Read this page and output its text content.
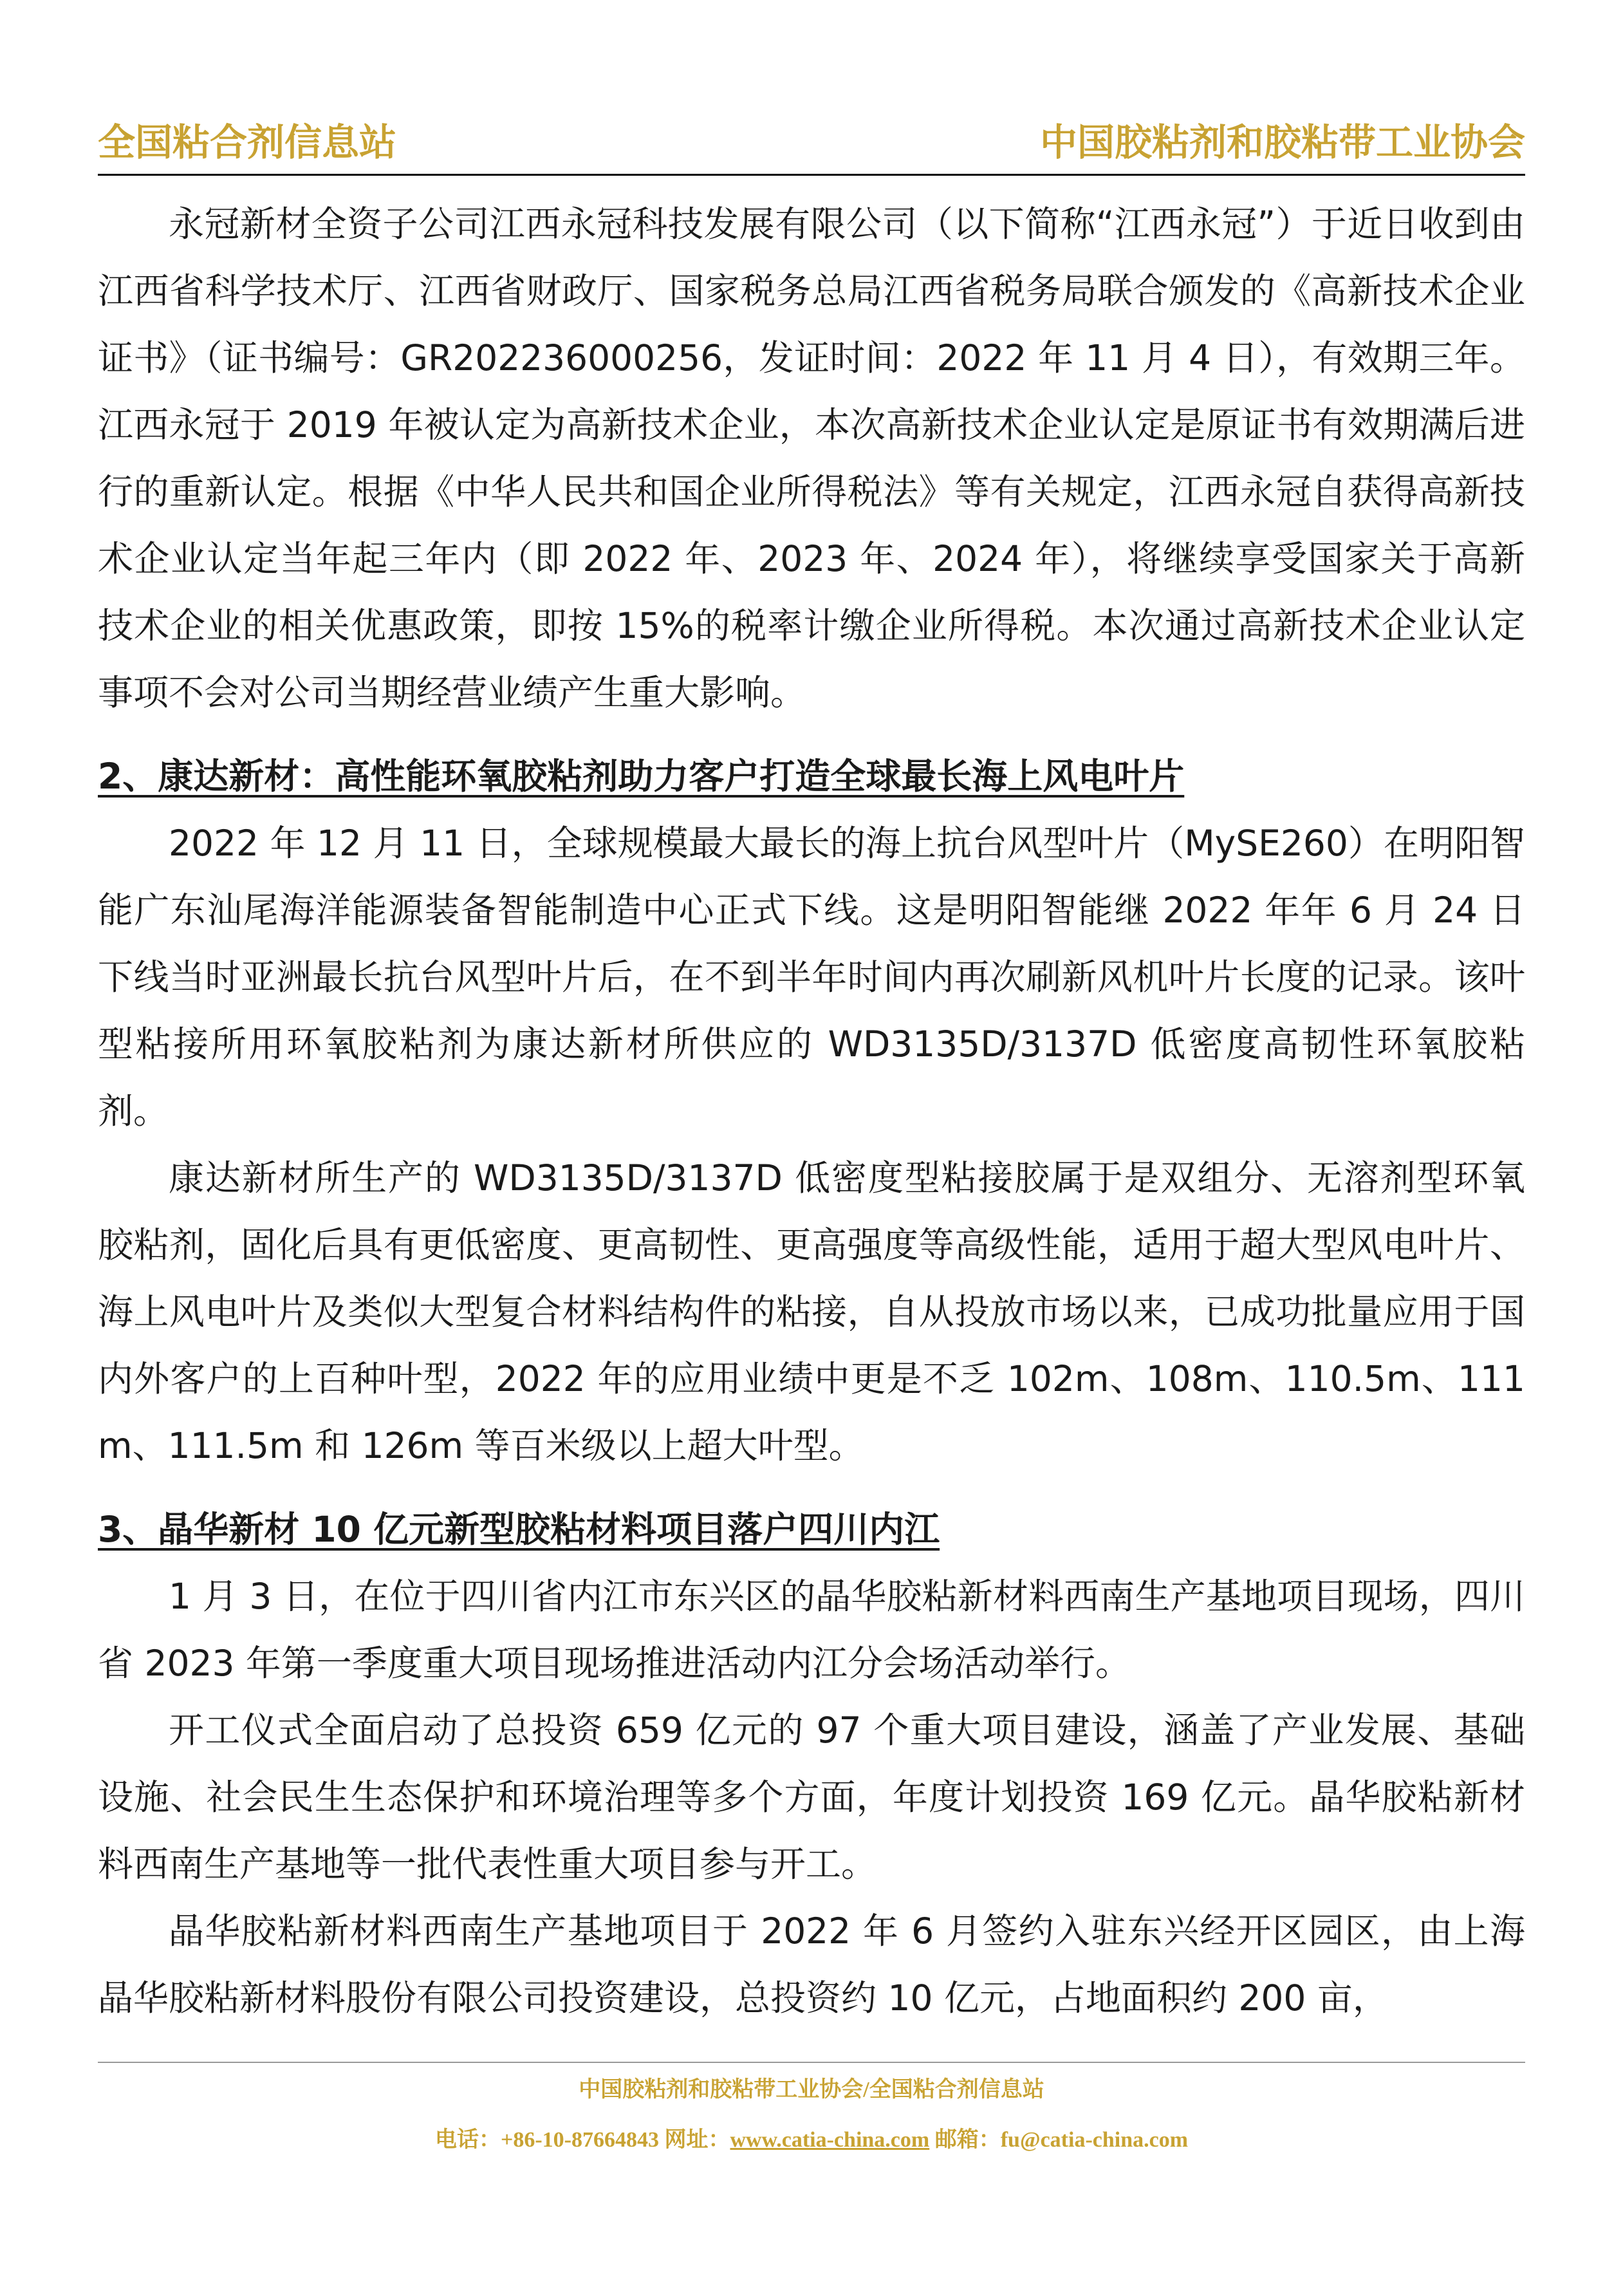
全国粘合剂信息站	中国胶粘剂和胶粘带工业协会

永冠新材全资子公司江西永冠科技发展有限公司（以下简称“江西永冠”）于近日收到由江西省科学技术厅、江西省财政厅、国家税务总局江西省税务局联合颁发的《高新技术企业证书》（证书编号：GR202236000256，发证时间：2022 年 11 月 4 日），有效期三年。江西永冠于 2019 年被认定为高新技术企业，本次高新技术企业认定是原证书有效期满后进行的重新认定。根据《中华人民共和国企业所得税法》等有关规定，江西永冠自获得高新技术企业认定当年起三年内（即 2022 年、2023 年、2024 年），将继续享受国家关于高新技术企业的相关优惠政策，即按 15%的税率计缴企业所得税。本次通过高新技术企业认定事项不会对公司当期经营业绩产生重大影响。

2、康达新材：高性能环氧胶粘剂助力客户打造全球最长海上风电叶片

2022 年 12 月 11 日，全球规模最大最长的海上抗台风型叶片（MySE260）在明阳智能广东汕尾海洋能源装备智能制造中心正式下线。这是明阳智能继 2022 年年 6 月 24 日下线当时亚洲最长抗台风型叶片后，在不到半年时间内再次刷新风机叶片长度的记录。该叶型粘接所用环氧胶粘剂为康达新材所供应的 WD3135D/3137D 低密度高韧性环氧胶粘剂。

康达新材所生产的 WD3135D/3137D 低密度型粘接胶属于是双组分、无溶剂型环氧胶粘剂，固化后具有更低密度、更高韧性、更高强度等高级性能，适用于超大型风电叶片、海上风电叶片及类似大型复合材料结构件的粘接，自从投放市场以来，已成功批量应用于国内外客户的上百种叶型，2022 年的应用业绩中更是不乏 102m、108m、110.5m、111m、111.5m 和 126m 等百米级以上超大叶型。

3、晶华新材 10 亿元新型胶粘材料项目落户四川内江

1 月 3 日，在位于四川省内江市东兴区的晶华胶粘新材料西南生产基地项目现场，四川省 2023 年第一季度重大项目现场推进活动内江分会场活动举行。

开工仪式全面启动了总投资 659 亿元的 97 个重大项目建设，涵盖了产业发展、基础设施、社会民生生态保护和环境治理等多个方面，年度计划投资 169 亿元。晶华胶粘新材料西南生产基地等一批代表性重大项目参与开工。

晶华胶粘新材料西南生产基地项目于 2022 年 6 月签约入驻东兴经开区园区，由上海晶华胶粘新材料股份有限公司投资建设，总投资约 10 亿元，占地面积约 200 亩，

中国胶粘剂和胶粘带工业协会/全国粘合剂信息站
电话：+86-10-87664843 网址：www.catia-china.com 邮箱：fu@catia-china.com
